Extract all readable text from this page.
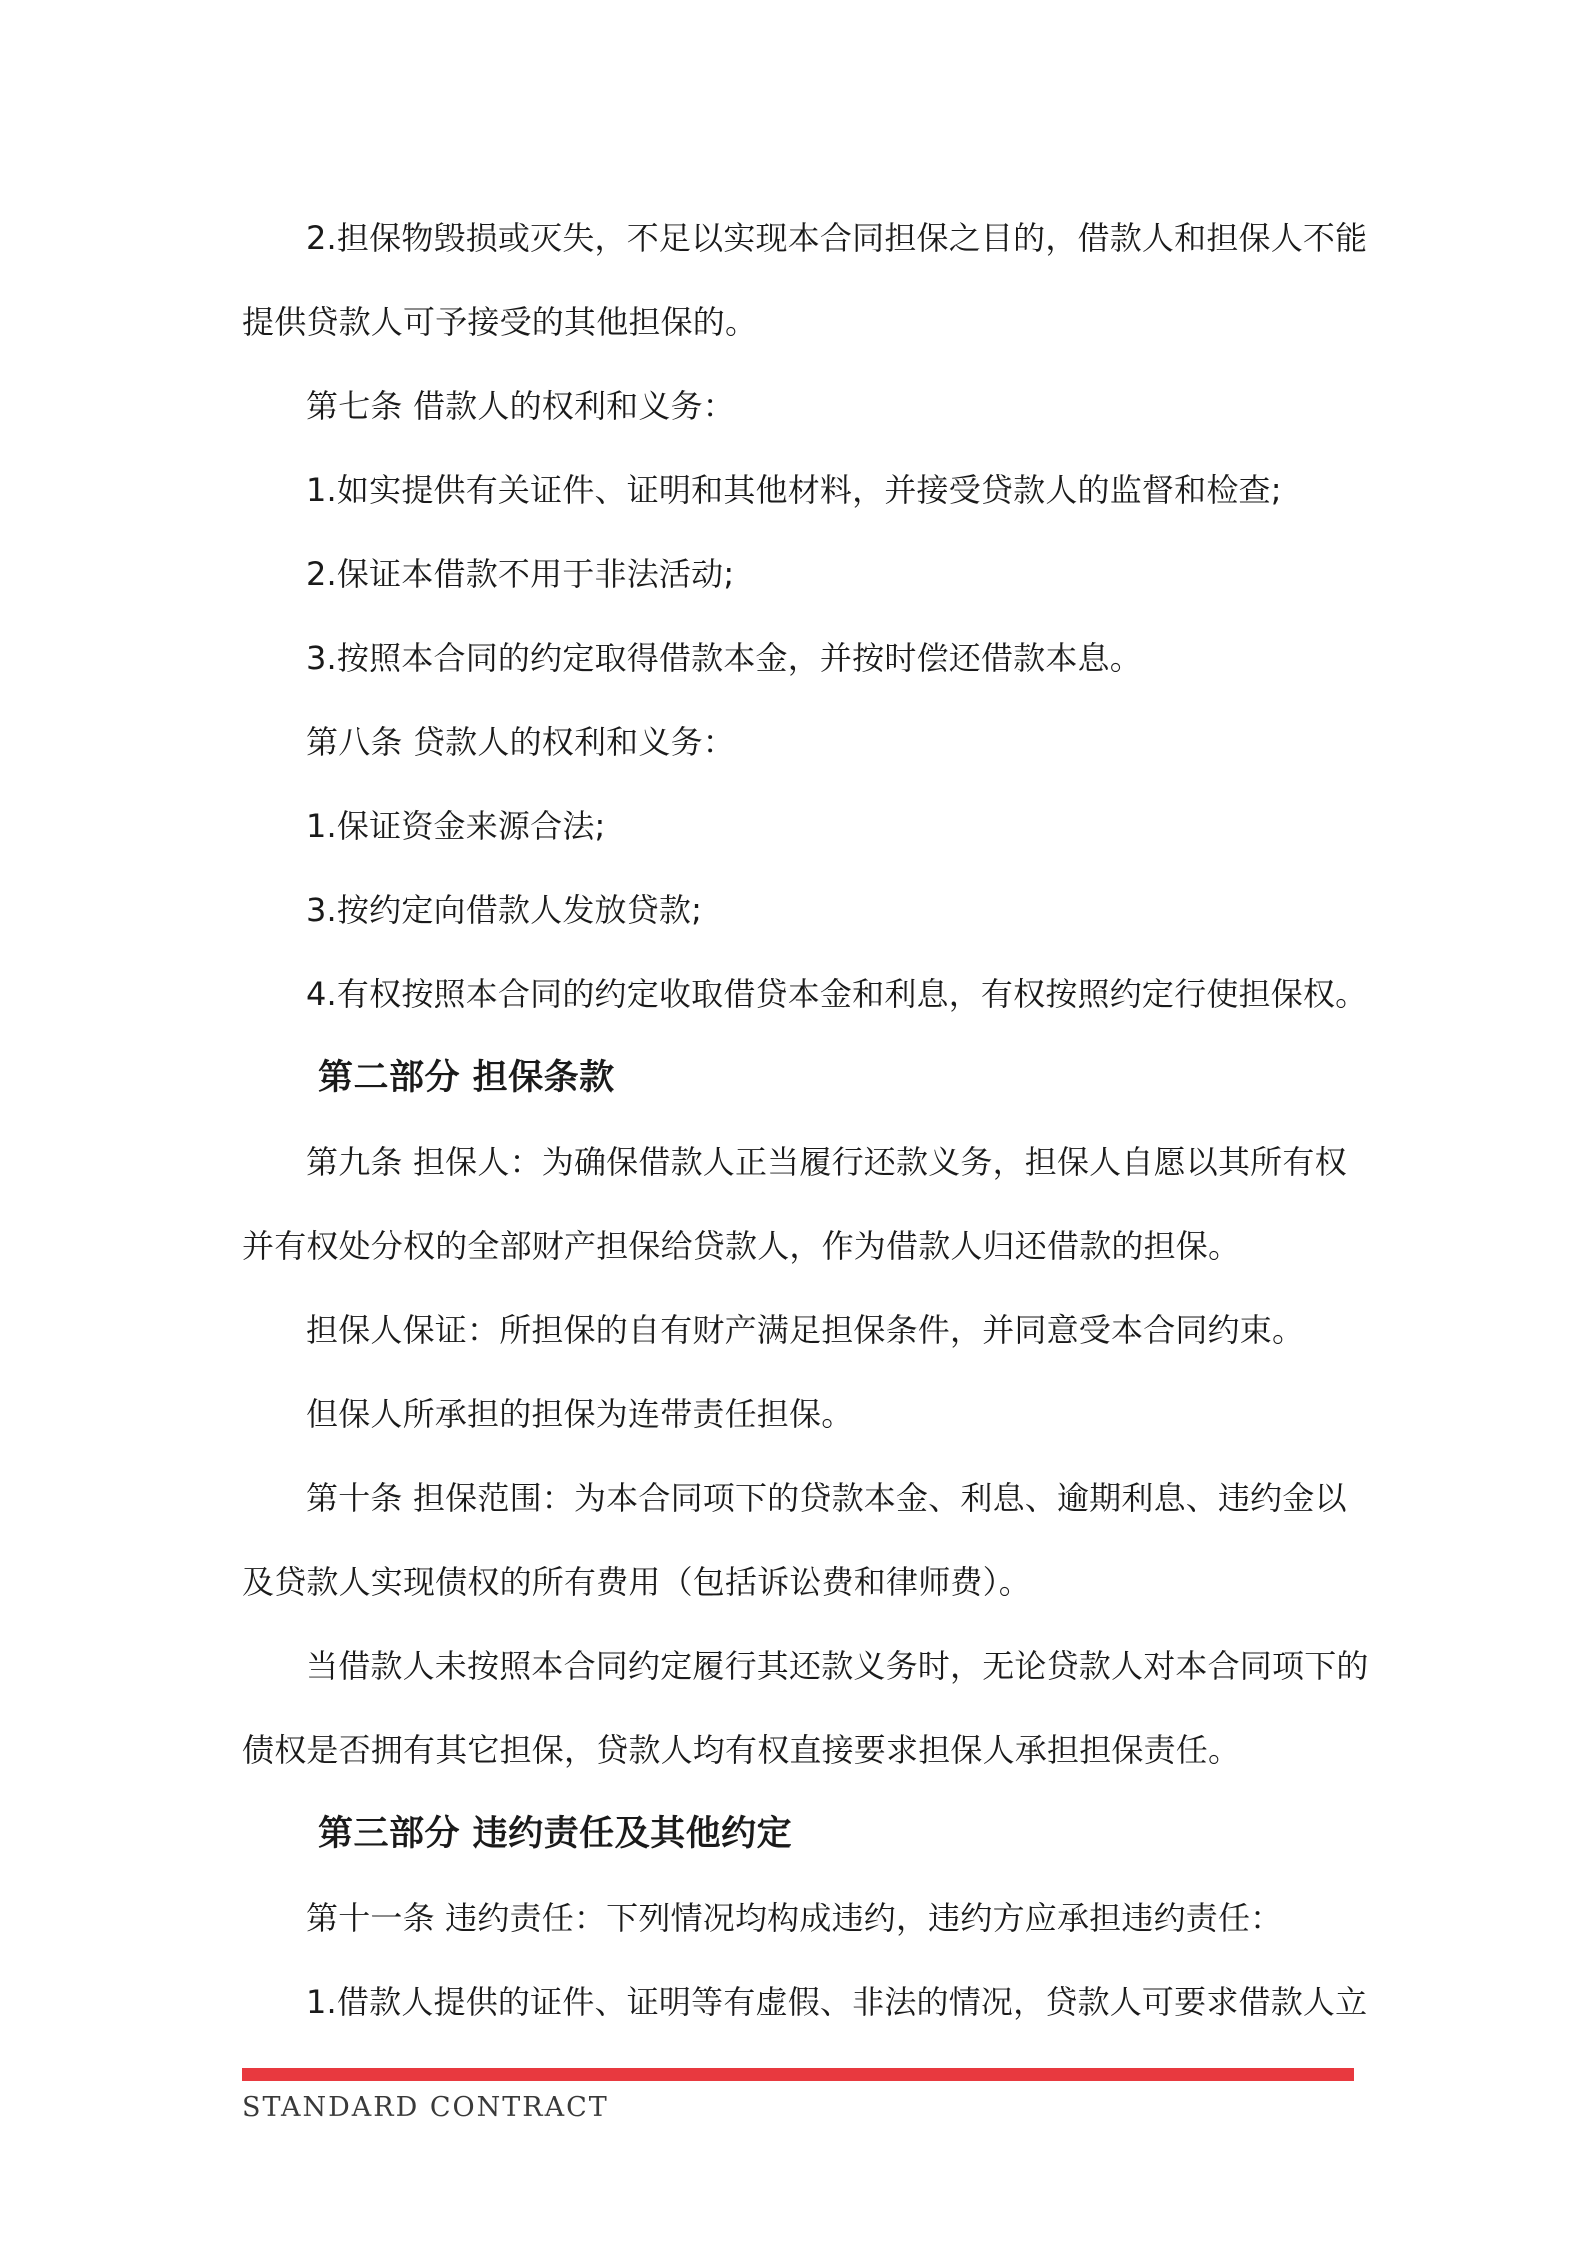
2.担保物毁损或灭失，不足以实现本合同担保之目的，借款人和担保人不能
提供贷款人可予接受的其他担保的。
第七条 借款人的权利和义务：
1.如实提供有关证件、证明和其他材料，并接受贷款人的监督和检查;
2.保证本借款不用于非法活动;
3.按照本合同的约定取得借款本金，并按时偿还借款本息。
第八条 贷款人的权利和义务：
1.保证资金来源合法;
3.按约定向借款人发放贷款;
4.有权按照本合同的约定收取借贷本金和利息，有权按照约定行使担保权。
第二部分 担保条款
第九条 担保人：为确保借款人正当履行还款义务，担保人自愿以其所有权
并有权处分权的全部财产担保给贷款人，作为借款人归还借款的担保。
担保人保证：所担保的自有财产满足担保条件，并同意受本合同约束。
但保人所承担的担保为连带责任担保。
第十条 担保范围：为本合同项下的贷款本金、利息、逾期利息、违约金以
及贷款人实现债权的所有费用（包括诉讼费和律师费）。
当借款人未按照本合同约定履行其还款义务时，无论贷款人对本合同项下的
债权是否拥有其它担保，贷款人均有权直接要求担保人承担担保责任。
第三部分 违约责任及其他约定
第十一条 违约责任：下列情况均构成违约，违约方应承担违约责任：
1.借款人提供的证件、证明等有虚假、非法的情况，贷款人可要求借款人立
STANDARD CONTRACT
